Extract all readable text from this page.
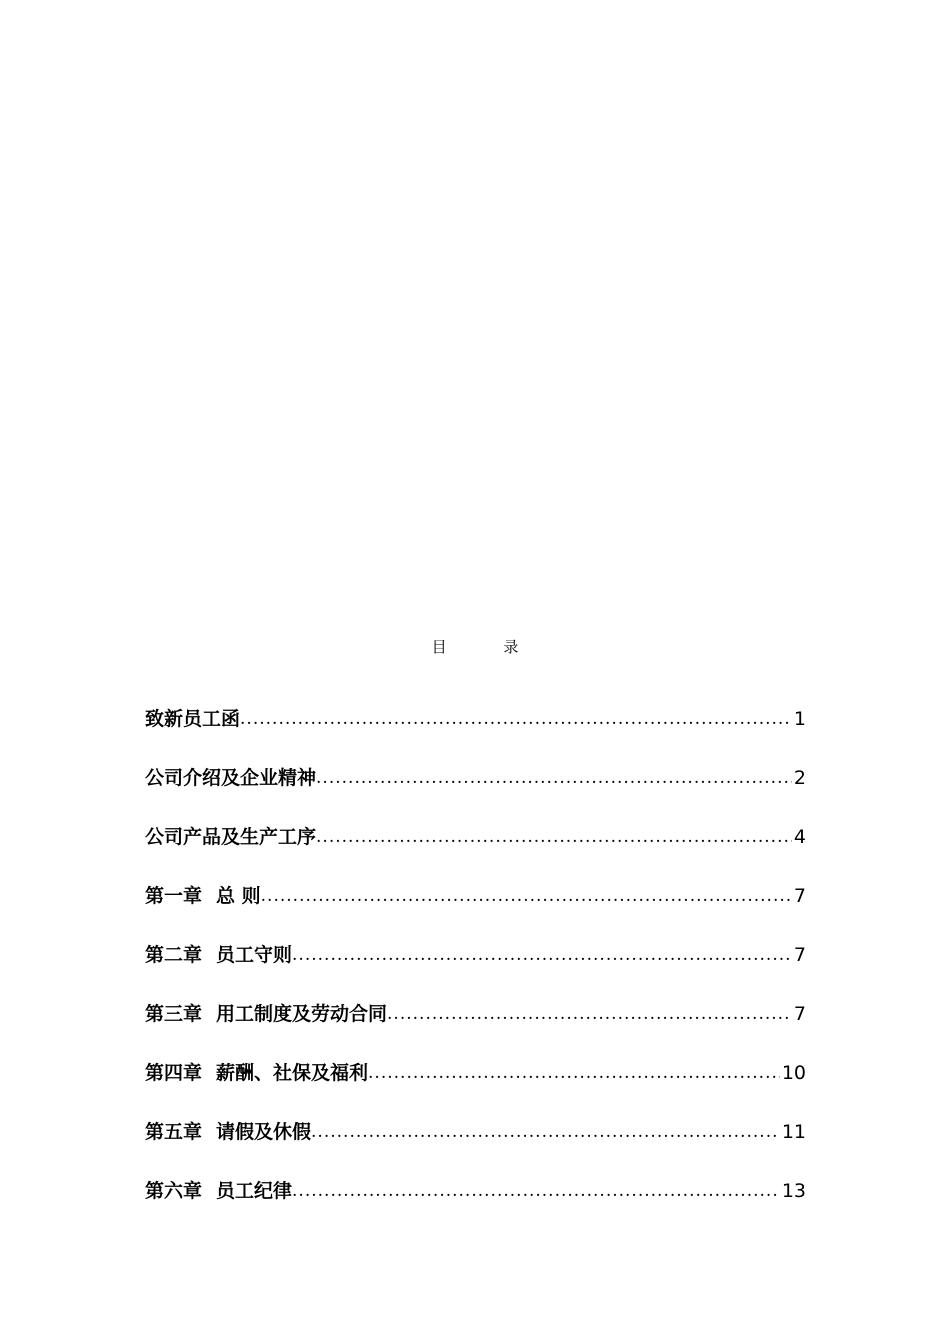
目 录
致新员工函 .....	1
公司介绍及企业精神 .....	2
公司产品及生产工序 .....	4
第一章 总 则 .....	7
第二章 员工守则 .....	7
第三章 用工制度及劳动合同 .....	7
第四章 薪酬、社保及福利 .....	10
第五章 请假及休假 .....	11
第六章 员工纪律 .....	13
